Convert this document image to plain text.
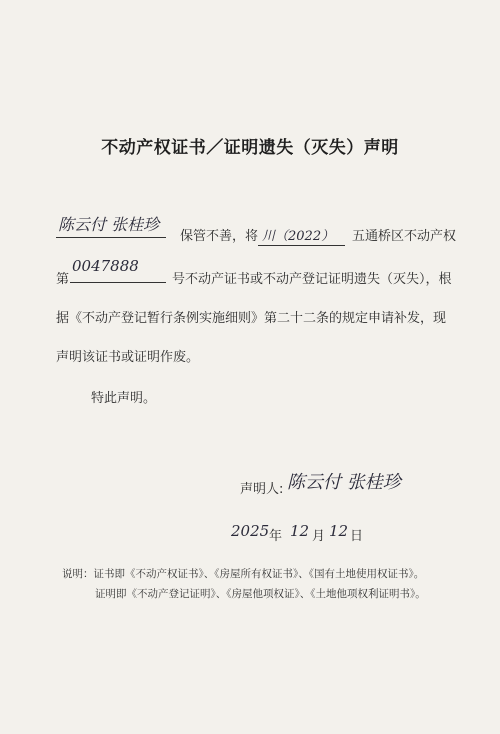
不动产权证书／证明遗失（灭失）声明
陈云付 张桂珍
保管不善，将 川（2022）　	五通桥区不动产权
第
0047888
号不动产证书或不动产登记证明遗失（灭失），根
据《不动产登记暂行条例实施细则》第二十二条的规定申请补发，现
声明该证书或证明作废。
特此声明。
声明人: 陈云付 张桂珍
2025 年 12 月 12 日
说明：证书即《不动产权证书》、《房屋所有权证书》、《国有土地使用权证书》。
证明即《不动产登记证明》、《房屋他项权证》、《土地他项权利证明书》。
